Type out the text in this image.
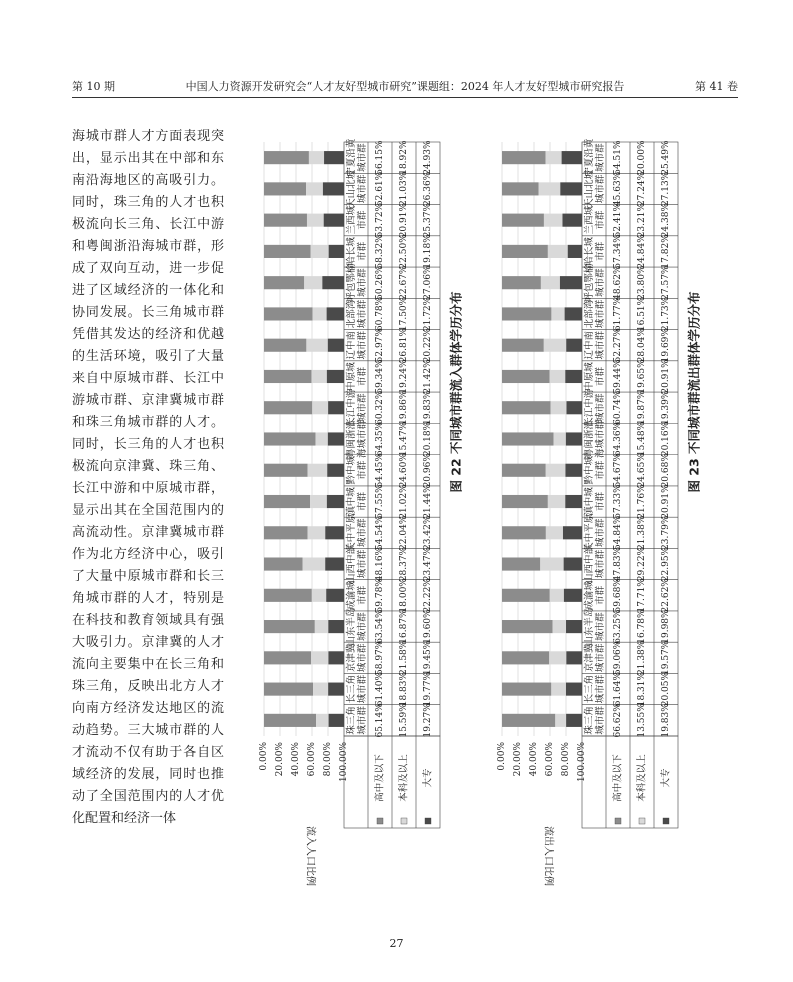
第 10 期	中国人力资源开发研究会“人才友好型城市研究”课题组：2024 年人才友好型城市研究报告	第 41 卷

海城市群人才方面表现突出，显示出其在中部和东南沿海地区的高吸引力。同时，珠三角的人才也积极流向长三角、长江中游和粤闽浙沿海城市群，形成了双向互动，进一步促进了区域经济的一体化和协同发展。长三角城市群凭借其发达的经济和优越的生活环境，吸引了大量来自中原城市群、长江中游城市群、京津冀城市群和珠三角城市群的人才。同时，长三角的人才也积极流向京津冀、珠三角、长江中游和中原城市群，显示出其在全国范围内的高流动性。京津冀城市群作为北方经济中心，吸引了大量中原城市群和长三角城市群的人才，特别是在科技和教育领域具有强大吸引力。京津冀的人才流向主要集中在长三角和珠三角，反映出北方人才向南方经济发达地区的流动趋势。三大城市群的人才流动不仅有助于各自区域经济的发展，同时也推动了全国范围内的人才优化配置和经济一体

珠三角城市群
长三角城市群
京津冀城市群
山东半岛城市群
成渝城市群
山西中部城市群
关中平原城市群
滇中城市群
黔中城市群
粤闽浙沿海城市群
长江中游城市群
中原城市群
辽中南城市群
北部湾城市群
呼包鄂榆城市群
哈长城市群
兰西城市群
天山北坡城市群
宁夏沿黄城市群
65.14%
61.40%
58.97%
63.54%
59.78%
48.16%
54.54%
57.55%
54.45%
64.35%
60.32%
59.34%
52.97%
60.78%
50.26%
58.32%
53.72%
52.61%
56.15%
高中及以下
15.59%
18.83%
21.58%
16.87%
18.00%
28.37%
22.04%
21.02%
24.60%
15.47%
19.86%
19.24%
26.81%
17.50%
22.67%
22.50%
20.91%
21.03%
18.92%
本科及以上
19.27%
19.77%
19.45%
19.60%
22.22%
23.47%
23.42%
21.44%
20.96%
20.18%
19.83%
21.42%
20.22%
21.72%
27.06%
19.18%
25.37%
26.36%
24.93%
大专
0.00% 20.00% 40.00% 60.00% 80.00% 100.00%
流入人口比例
图 22 不同城市群流入群体学历分布
珠三角城市群
长三角城市群
京津冀城市群
山东半岛城市群
成渝城市群
山西中部城市群
关中平原城市群
滇中城市群
黔中城市群
粤闽浙沿海城市群
长江中游城市群
中原城市群
辽中南城市群
北部湾城市群
呼包鄂榆城市群
哈长城市群
兰西城市群
天山北坡城市群
宁夏沿黄城市群
66.62%
61.64%
59.06%
63.25%
59.68%
47.83%
54.84%
57.33%
54.67%
64.36%
60.74%
59.44%
52.27%
61.77%
48.62%
57.34%
52.41%
45.63%
54.51%
高中及以下
13.55%
18.31%
21.38%
16.78%
17.71%
29.22%
21.38%
21.76%
24.65%
15.48%
19.87%
19.65%
28.04%
16.51%
23.80%
24.84%
23.21%
27.24%
20.00%
本科及以上
19.83%
20.05%
19.57%
19.98%
22.62%
22.95%
23.79%
20.91%
20.68%
20.16%
19.39%
20.91%
19.69%
21.73%
27.57%
17.82%
24.38%
27.13%
25.49%
大专
0.00% 20.00% 40.00% 60.00% 80.00% 100.00%
流出人口比例
图 23 不同城市群流出群体学历分布
27
